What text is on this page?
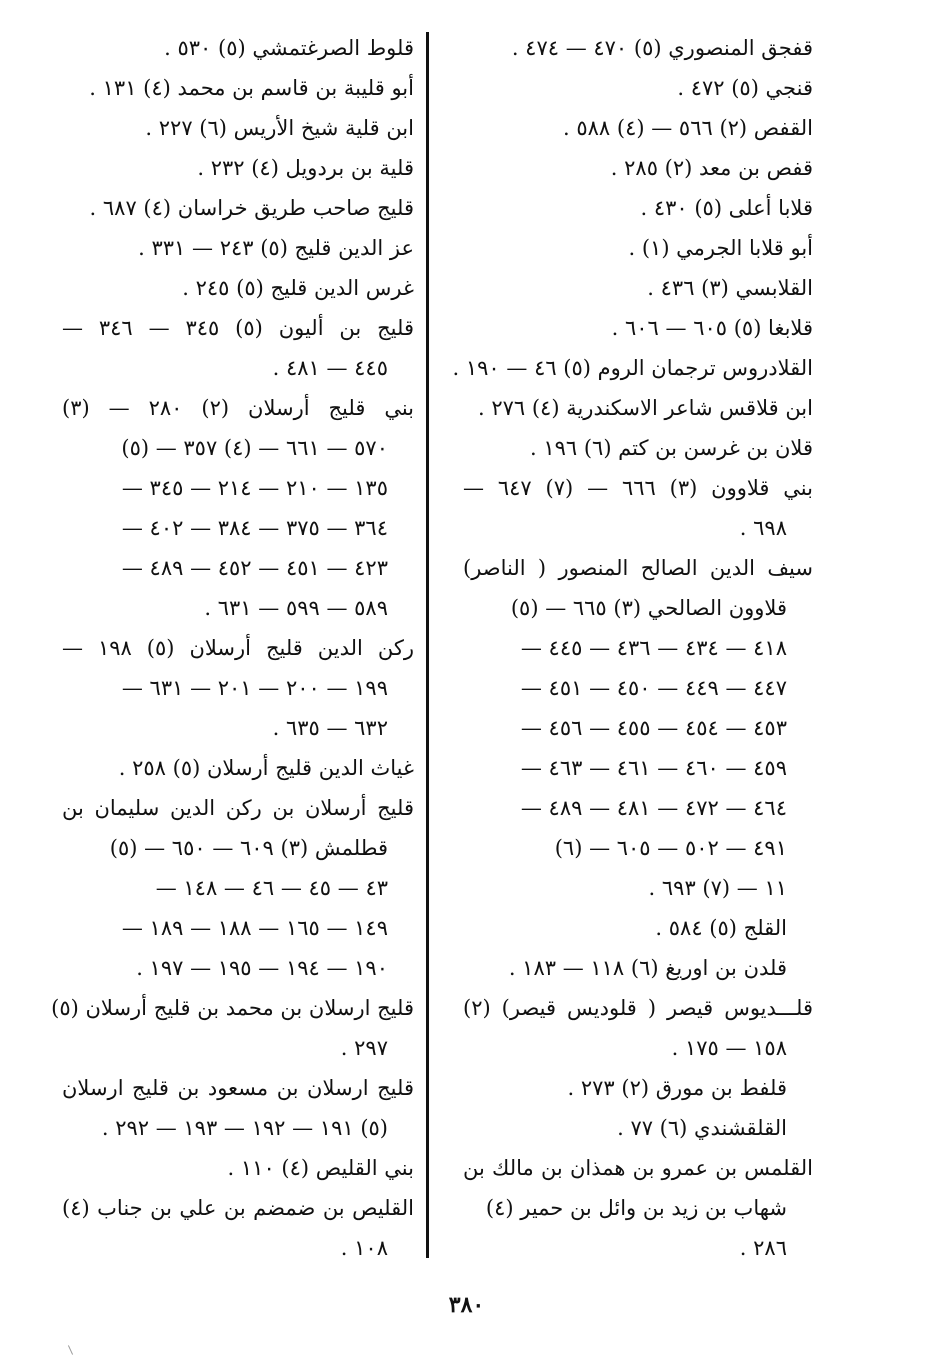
قفجق المنصوري (٥) ٤٧٠ — ٤٧٤ .
قنجي (٥) ٤٧٢ .
القفص (٢) ٥٦٦ — (٤) ٥٨٨ .
قفص بن معد (٢) ٢٨٥ .
قلابا أعلى (٥) ٤٣٠ .
أبو قلابا الجرمي (١) .
القلابسي (٣) ٤٣٦ .
قلابغا (٥) ٦٠٥ — ٦٠٦ .
القلادروس ترجمان الروم (٥) ٤٦ — ١٩٠ .
ابن قلاقس شاعر الاسكندرية (٤) ٢٧٦ .
قلان بن غرسن بن كتم (٦) ١٩٦ .
بني قلاوون (٣) ٦٦٦ — (٧) ٦٤٧ —
٦٩٨ .
سيف الدين الصالح المنصور ( الناصر)
قلاوون الصالحي (٣) ٦٦٥ — (٥)
٤١٨ — ٤٣٤ — ٤٣٦ — ٤٤٥ —
٤٤٧ — ٤٤٩ — ٤٥٠ — ٤٥١ —
٤٥٣ — ٤٥٤ — ٤٥٥ — ٤٥٦ —
٤٥٩ — ٤٦٠ — ٤٦١ — ٤٦٣ —
٤٦٤ — ٤٧٢ — ٤٨١ — ٤٨٩ —
٤٩١ — ٥٠٢ — ٦٠٥ — (٦)
١١ — (٧) ٦٩٣ .
القلج (٥) ٥٨٤ .
قلدن بن اوريغ (٦) ١١٨ — ١٨٣ .
قلـــديوس قيصر ( قلوديس قيصر) (٢)
١٥٨ — ١٧٥ .
قلفط بن مورق (٢) ٢٧٣ .
القلقشندي (٦) ٧٧ .
القلمس بن عمرو بن همذان بن مالك بن
شهاب بن زيد بن وائل بن حمير (٤)
٢٨٦ .
قلوط الصرغتمشي (٥) ٥٣٠ .
أبو قليبة بن قاسم بن محمد (٤) ١٣١ .
ابن قلية شيخ الأريس (٦) ٢٢٧ .
قلية بن بردويل (٤) ٢٣٢ .
قليج صاحب طريق خراسان (٤) ٦٨٧ .
عز الدين قليج (٥) ٢٤٣ — ٣٣١ .
غرس الدين قليج (٥) ٢٤٥ .
قليج بن أليون (٥) ٣٤٥ — ٣٤٦ —
٤٤٥ — ٤٨١ .
بني قليج أرسلان (٢) ٢٨٠ — (٣)
٥٧٠ — ٦٦١ — (٤) ٣٥٧ — (٥)
١٣٥ — ٢١٠ — ٢١٤ — ٣٤٥ —
٣٦٤ — ٣٧٥ — ٣٨٤ — ٤٠٢ —
٤٢٣ — ٤٥١ — ٤٥٢ — ٤٨٩ —
٥٨٩ — ٥٩٩ — ٦٣١ .
ركن الدين قليج أرسلان (٥) ١٩٨ —
١٩٩ — ٢٠٠ — ٢٠١ — ٦٣١ —
٦٣٢ — ٦٣٥ .
غياث الدين قليج أرسلان (٥) ٢٥٨ .
قليج أرسلان بن ركن الدين سليمان بن
قطلمش (٣) ٦٠٩ — ٦٥٠ — (٥)
٤٣ — ٤٥ — ٤٦ — ١٤٨ —
١٤٩ — ١٦٥ — ١٨٨ — ١٨٩ —
١٩٠ — ١٩٤ — ١٩٥ — ١٩٧ .
قليج ارسلان بن محمد بن قليج أرسلان (٥)
٢٩٧ .
قليج ارسلان بن مسعود بن قليج ارسلان
(٥) ١٩١ — ١٩٢ — ١٩٣ — ٢٩٢ .
بني القليص (٤) ١١٠ .
القليص بن ضمضم بن علي بن جناب (٤)
١٠٨ .
٣٨٠
